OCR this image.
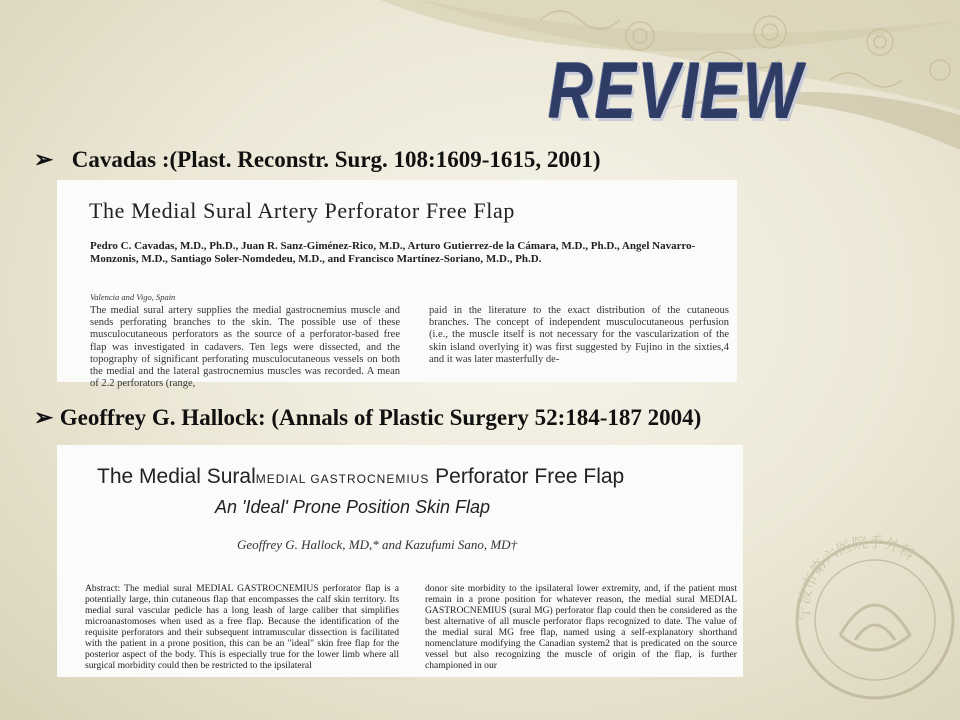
REVIEW
➢ Cavadas :(Plast. Reconstr. Surg. 108:1609-1615, 2001)
The Medial Sural Artery Perforator Free Flap
Pedro C. Cavadas, M.D., Ph.D., Juan R. Sanz-Giménez-Rico, M.D., Arturo Gutierrez-de la Cámara, M.D., Ph.D., Angel Navarro-Monzonis, M.D., Santiago Soler-Nomdedeu, M.D., and Francisco Martínez-Soriano, M.D., Ph.D.
Valencia and Vigo, Spain
The medial sural artery supplies the medial gastrocnemius muscle and sends perforating branches to the skin. The possible use of these musculocutaneous perforators as the source of a perforator-based free flap was investigated in cadavers. Ten legs were dissected, and the topography of significant perforating musculocutaneous vessels on both the medial and the lateral gastrocnemius muscles was recorded. A mean of 2.2 perforators (range,
paid in the literature to the exact distribution of the cutaneous branches. The concept of independent musculocutaneous perfusion (i.e., the muscle itself is not necessary for the vascularization of the skin island overlying it) was first suggested by Fujino in the sixties,4 and it was later masterfully de-
➢ Geoffrey G. Hallock: (Annals of Plastic Surgery 52:184-187 2004)
The Medial SuralMEDIAL GASTROCNEMIUS Perforator Free Flap
An 'Ideal' Prone Position Skin Flap
Geoffrey G. Hallock, MD,* and Kazufumi Sano, MD†
Abstract: The medial sural MEDIAL GASTROCNEMIUS perforator flap is a potentially large, thin cutaneous flap that encompasses the calf skin territory. Its medial sural vascular pedicle has a long leash of large caliber that simplifies microanastomoses when used as a free flap. Because the identification of the requisite perforators and their subsequent intramuscular dissection is facilitated with the patient in a prone position, this can be an "ideal" skin free flap for the posterior aspect of the body. This is especially true for the lower limb where all surgical morbidity could then be restricted to the ipsilateral
donor site morbidity to the ipsilateral lower extremity, and, if the patient must remain in a prone position for whatever reason, the medial sural MEDIAL GASTROCNEMIUS (sural MG) perforator flap could then be considered as the best alternative of all muscle perforator flaps recognized to date. The value of the medial sural MG free flap, named using a self-explanatory shorthand nomenclature modifying the Canadian system2 that is predicated on the source vessel but also recognizing the muscle of origin of the flap, is further championed in our
宁波市第六医院手外科
